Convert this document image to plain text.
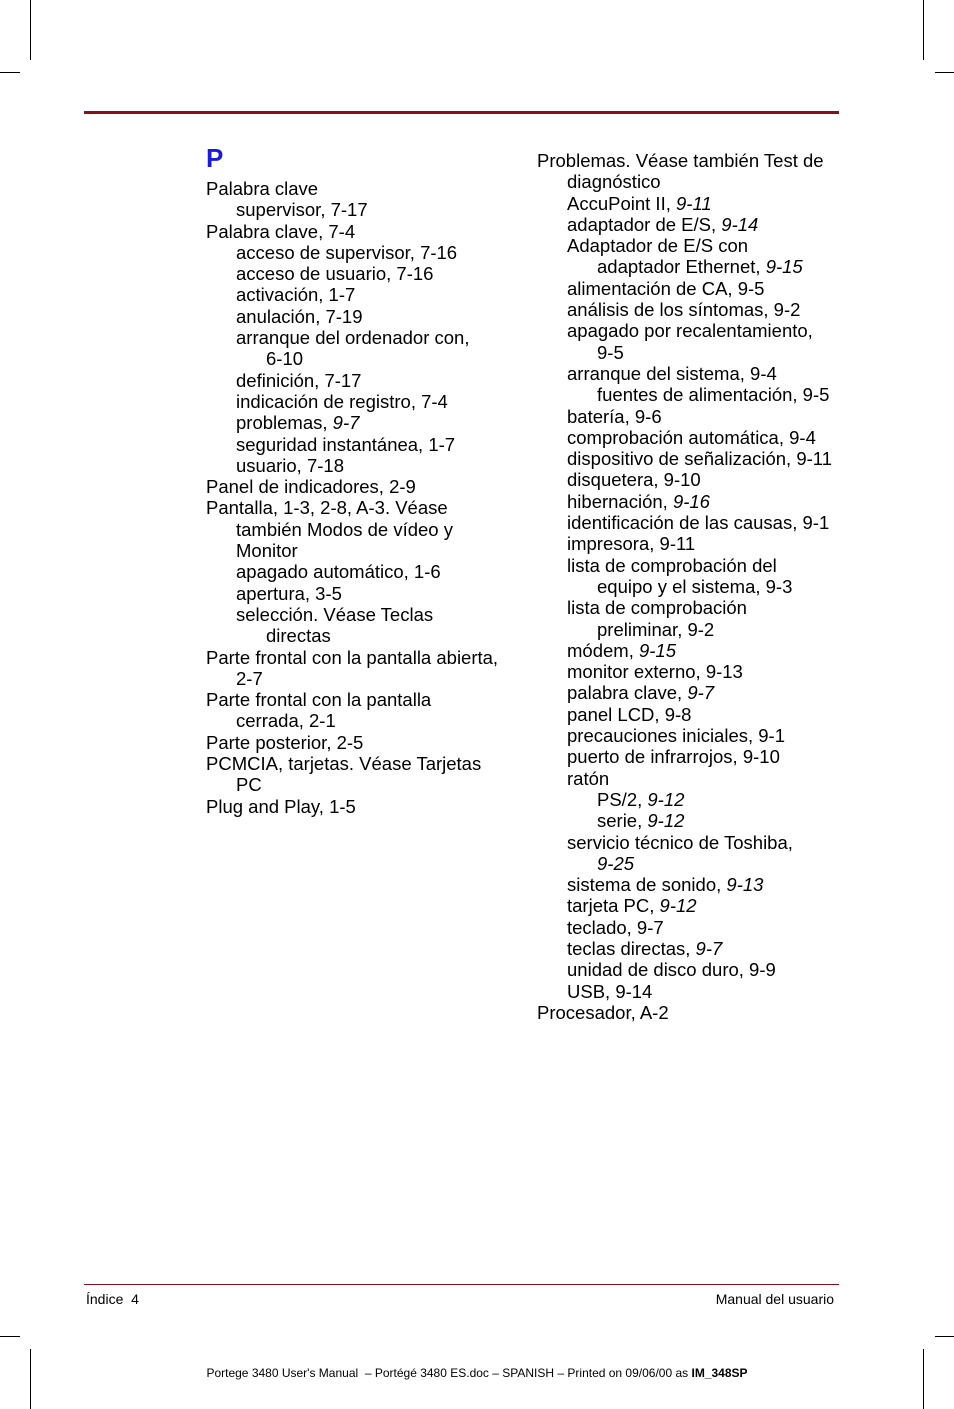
P
Palabra clave
supervisor, 7-17
Palabra clave, 7-4
acceso de supervisor, 7-16
acceso de usuario, 7-16
activación, 1-7
anulación, 7-19
arranque del ordenador con,
6-10
definición, 7-17
indicación de registro, 7-4
problemas, 9-7
seguridad instantánea, 1-7
usuario, 7-18
Panel de indicadores, 2-9
Pantalla, 1-3, 2-8, A-3. Véase
también Modos de vídeo y
Monitor
apagado automático, 1-6
apertura, 3-5
selección. Véase Teclas
directas
Parte frontal con la pantalla abierta,
2-7
Parte frontal con la pantalla
cerrada, 2-1
Parte posterior, 2-5
PCMCIA, tarjetas. Véase Tarjetas
PC
Plug and Play, 1-5
Problemas. Véase también Test de
diagnóstico
AccuPoint II, 9-11
adaptador de E/S, 9-14
Adaptador de E/S con
adaptador Ethernet, 9-15
alimentación de CA, 9-5
análisis de los síntomas, 9-2
apagado por recalentamiento,
9-5
arranque del sistema, 9-4
fuentes de alimentación, 9-5
batería, 9-6
comprobación automática, 9-4
dispositivo de señalización, 9-11
disquetera, 9-10
hibernación, 9-16
identificación de las causas, 9-1
impresora, 9-11
lista de comprobación del
equipo y el sistema, 9-3
lista de comprobación
preliminar, 9-2
módem, 9-15
monitor externo, 9-13
palabra clave, 9-7
panel LCD, 9-8
precauciones iniciales, 9-1
puerto de infrarrojos, 9-10
ratón
PS/2, 9-12
serie, 9-12
servicio técnico de Toshiba,
9-25
sistema de sonido, 9-13
tarjeta PC, 9-12
teclado, 9-7
teclas directas, 9-7
unidad de disco duro, 9-9
USB, 9-14
Procesador, A-2
Índice  4	Manual del usuario
Portege 3480 User's Manual  – Portégé 3480 ES.doc – SPANISH – Printed on 09/06/00 as IM_348SP
